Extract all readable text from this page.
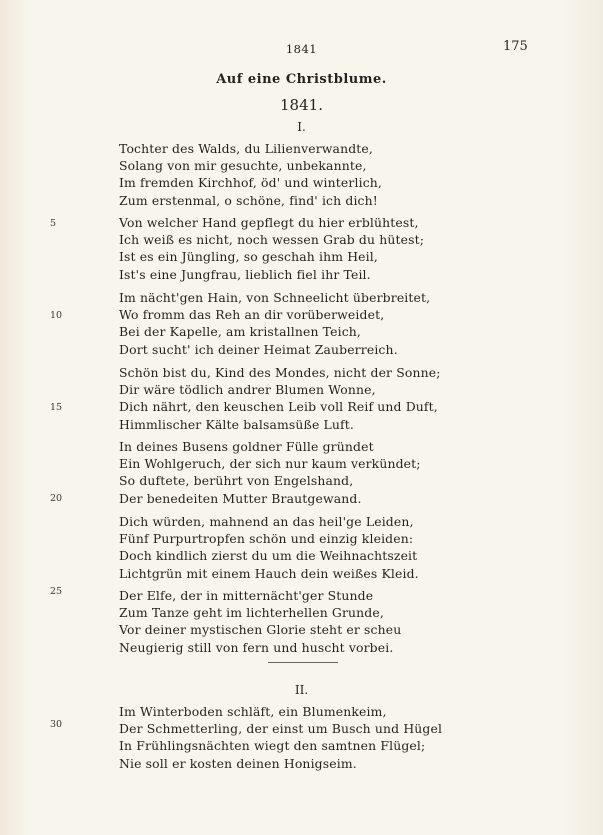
1841	175
Auf eine Christblume.
1841.
I.
Tochter des Walds, du Lilienverwandte,
Solang von mir gesuchte, unbekannte,
Im fremden Kirchhof, öd' und winterlich,
Zum erstenmal, o schöne, find' ich dich!
Von welcher Hand gepflegt du hier erblühtest,
Ich weiß es nicht, noch wessen Grab du hütest;
Ist es ein Jüngling, so geschah ihm Heil,
Ist's eine Jungfrau, lieblich fiel ihr Teil.
Im nächt'gen Hain, von Schneelicht überbreitet,
Wo fromm das Reh an dir vorüberweidet,
Bei der Kapelle, am kristallnen Teich,
Dort sucht' ich deiner Heimat Zauberreich.
Schön bist du, Kind des Mondes, nicht der Sonne;
Dir wäre tödlich andrer Blumen Wonne,
Dich nährt, den keuschen Leib voll Reif und Duft,
Himmlischer Kälte balsamsüße Luft.
In deines Busens goldner Fülle gründet
Ein Wohlgeruch, der sich nur kaum verkündet;
So duftete, berührt von Engelshand,
Der benedeiten Mutter Brautgewand.
Dich würden, mahnend an das heil'ge Leiden,
Fünf Purpurtropfen schön und einzig kleiden:
Doch kindlich zierst du um die Weihnachtszeit
Lichtgrün mit einem Hauch dein weißes Kleid.
Der Elfe, der in mitternächt'ger Stunde
Zum Tanze geht im lichterhellen Grunde,
Vor deiner mystischen Glorie steht er scheu
Neugierig still von fern und huscht vorbei.
II.
Im Winterboden schläft, ein Blumenkeim,
Der Schmetterling, der einst um Busch und Hügel
In Frühlingsnächten wiegt den samtnen Flügel;
Nie soll er kosten deinen Honigseim.
5
10
15
20
25
30
